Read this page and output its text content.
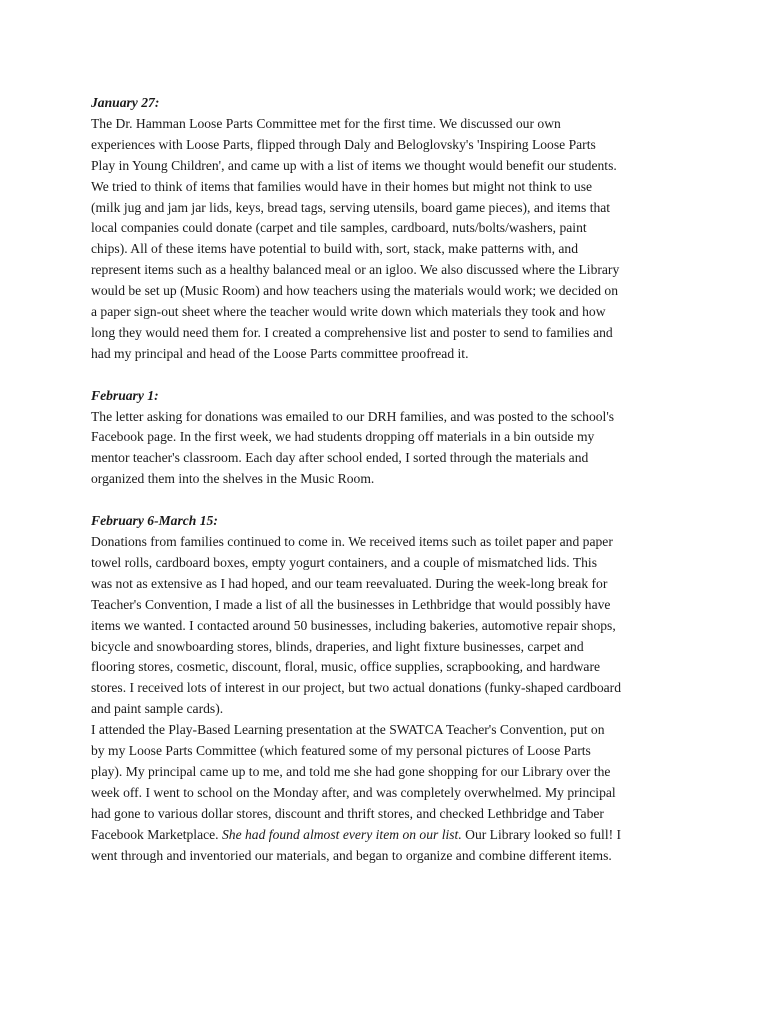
January 27:
The Dr. Hamman Loose Parts Committee met for the first time. We discussed our own
experiences with Loose Parts, flipped through Daly and Beloglovsky's 'Inspiring Loose Parts
Play in Young Children', and came up with a list of items we thought would benefit our students.
We tried to think of items that families would have in their homes but might not think to use
(milk jug and jam jar lids, keys, bread tags, serving utensils, board game pieces), and items that
local companies could donate (carpet and tile samples, cardboard, nuts/bolts/washers, paint
chips). All of these items have potential to build with, sort, stack, make patterns with, and
represent items such as a healthy balanced meal or an igloo. We also discussed where the Library
would be set up (Music Room) and how teachers using the materials would work; we decided on
a paper sign-out sheet where the teacher would write down which materials they took and how
long they would need them for. I created a comprehensive list and poster to send to families and
had my principal and head of the Loose Parts committee proofread it.
February 1:
The letter asking for donations was emailed to our DRH families, and was posted to the school's
Facebook page. In the first week, we had students dropping off materials in a bin outside my
mentor teacher's classroom. Each day after school ended, I sorted through the materials and
organized them into the shelves in the Music Room.
February 6-March 15:
Donations from families continued to come in. We received items such as toilet paper and paper
towel rolls, cardboard boxes, empty yogurt containers, and a couple of mismatched lids. This
was not as extensive as I had hoped, and our team reevaluated. During the week-long break for
Teacher's Convention, I made a list of all the businesses in Lethbridge that would possibly have
items we wanted. I contacted around 50 businesses, including bakeries, automotive repair shops,
bicycle and snowboarding stores, blinds, draperies, and light fixture businesses, carpet and
flooring stores, cosmetic, discount, floral, music, office supplies, scrapbooking, and hardware
stores. I received lots of interest in our project, but two actual donations (funky-shaped cardboard
and paint sample cards).
I attended the Play-Based Learning presentation at the SWATCA Teacher's Convention, put on
by my Loose Parts Committee (which featured some of my personal pictures of Loose Parts
play). My principal came up to me, and told me she had gone shopping for our Library over the
week off. I went to school on the Monday after, and was completely overwhelmed. My principal
had gone to various dollar stores, discount and thrift stores, and checked Lethbridge and Taber
Facebook Marketplace. She had found almost every item on our list. Our Library looked so full! I
went through and inventoried our materials, and began to organize and combine different items.
